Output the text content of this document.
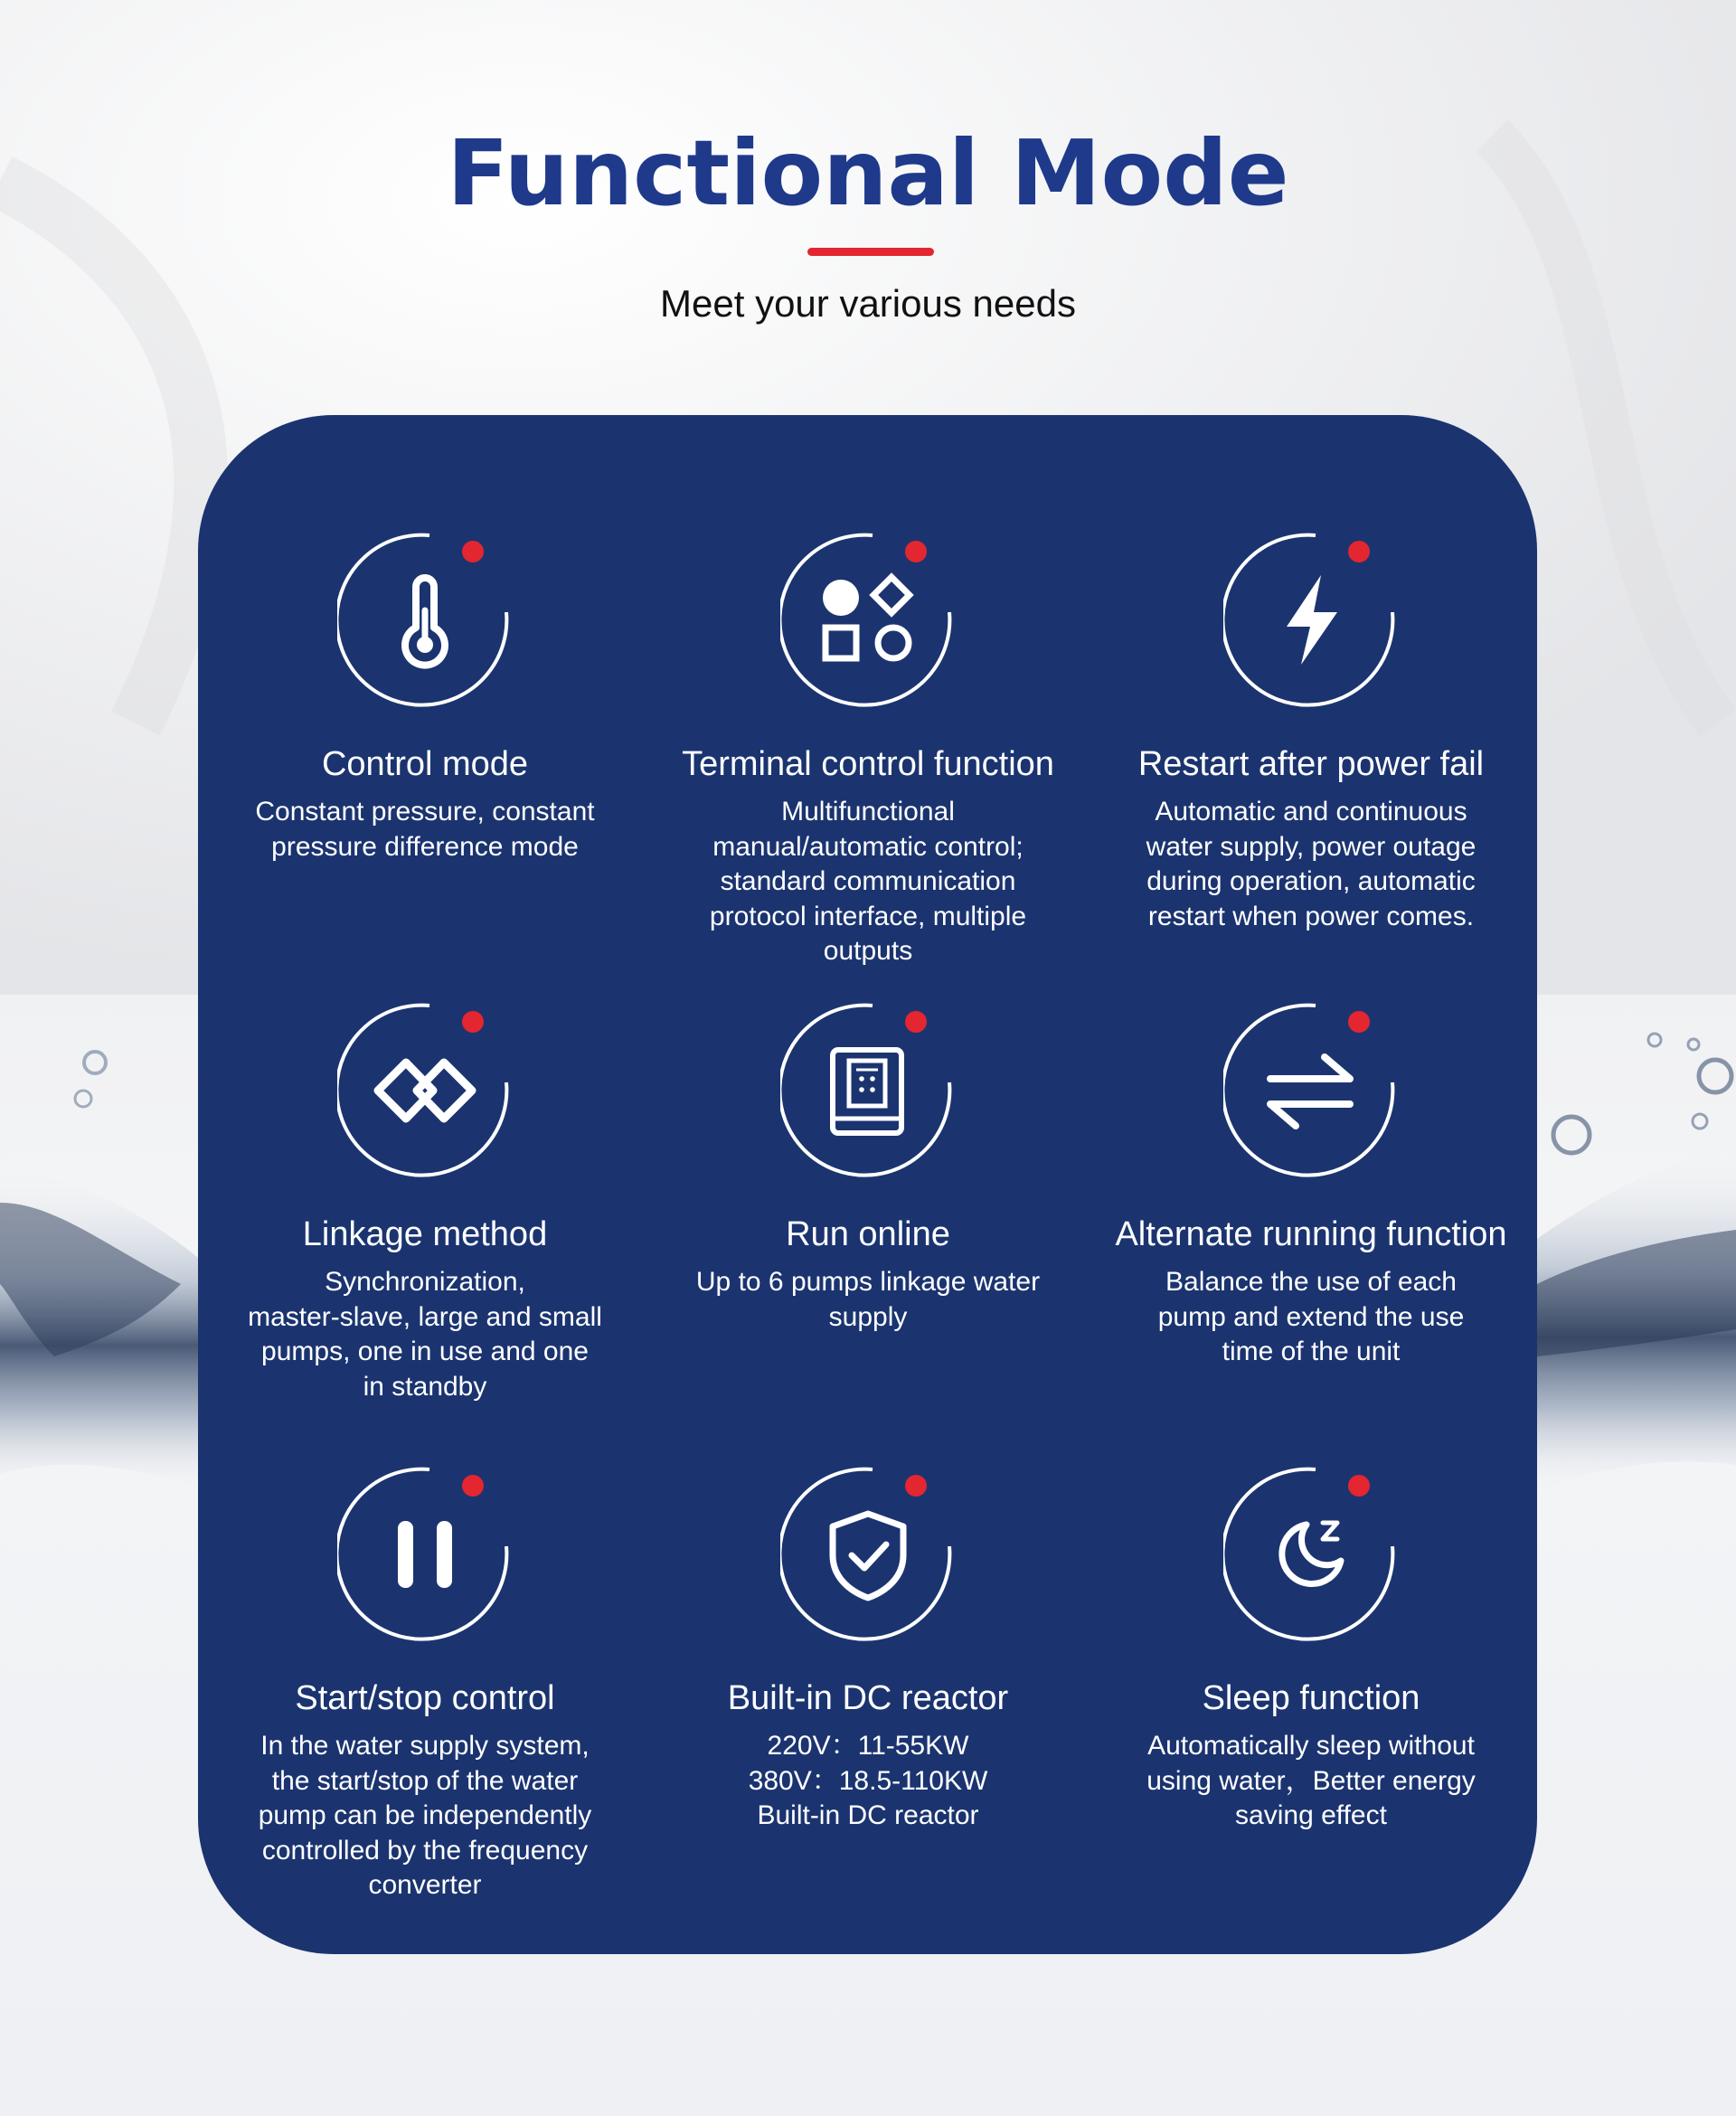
Functional Mode
Meet your various needs
Control mode
Constant pressure, constant
pressure difference mode
Terminal control function
Multifunctional
manual/automatic control;
standard communication
protocol interface, multiple
outputs
Restart after power fail
Automatic and continuous
water supply, power outage
during operation, automatic
restart when power comes.
Linkage method
Synchronization,
master-slave, large and small
pumps, one in use and one
in standby
Run online
Up to 6 pumps linkage water
supply
Alternate running function
Balance the use of each
pump and extend the use
time of the unit
Start/stop control
In the water supply system,
the start/stop of the water
pump can be independently
controlled by the frequency
converter
Built-in DC reactor
220V：11-55KW
380V：18.5-110KW
Built-in DC reactor
Sleep function
Automatically sleep without
using water，Better energy
saving effect
